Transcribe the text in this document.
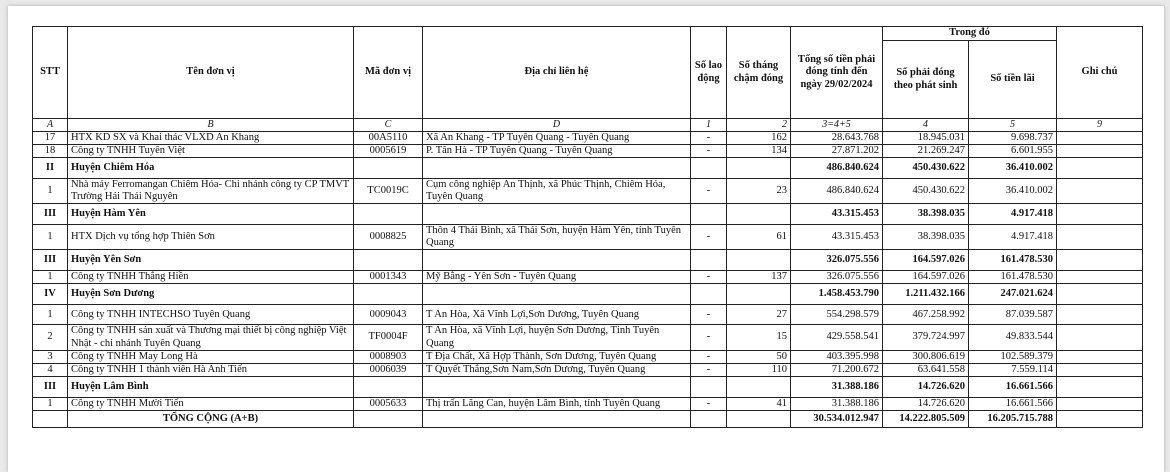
STT	Tên đơn vị	Mã đơn vị	Địa chỉ liên hệ	Số lao động	Số tháng chậm đóng	Tổng số tiền phải đóng tính đến ngày 29/02/2024	Trong đó		Ghi chú
							Số phải đóng theo phát sinh	Số tiền lãi	
A	B	C	D	1	2	3=4+5	4	5	9
17	HTX KD SX và Khai thác VLXD An Khang	00A5110	Xã An Khang - TP Tuyên Quang - Tuyên Quang	-	162	28.643.768	18.945.031	9.698.737	
18	Công ty TNHH Tuyên Việt	0005619	P. Tân Hà - TP Tuyên Quang - Tuyên Quang	-	134	27.871.202	21.269.247	6.601.955	
II	Huyện Chiêm Hóa					486.840.624	450.430.622	36.410.002	
1	Nhà máy Ferromangan Chiêm Hóa- Chi nhánh công ty CP TMVT Trường Hải Thái Nguyên	TC0019C	Cụm công nghiệp An Thịnh, xã Phúc Thịnh, Chiêm Hóa, Tuyên Quang	-	23	486.840.624	450.430.622	36.410.002	
III	Huyện Hàm Yên					43.315.453	38.398.035	4.917.418	
1	HTX Dịch vụ tổng hợp Thiên Sơn	0008825	Thôn 4 Thái Bình, xã Thái Sơn, huyện Hàm Yên, tỉnh Tuyên Quang	-	61	43.315.453	38.398.035	4.917.418	
III	Huyện Yên Sơn					326.075.556	164.597.026	161.478.530	
1	Công ty TNHH Thắng Hiền	0001343	Mỹ Bằng - Yên Sơn - Tuyên Quang	-	137	326.075.556	164.597.026	161.478.530	
IV	Huyện Sơn Dương					1.458.453.790	1.211.432.166	247.021.624	
1	Công ty TNHH INTECHSO Tuyên Quang	0009043	T An Hòa, Xã Vĩnh Lợi,Sơn Dương, Tuyên Quang	-	27	554.298.579	467.258.992	87.039.587	
2	Công ty TNHH sản xuất và Thương mại thiết bị công nghiệp Việt Nhật - chi nhánh Tuyên Quang	TF0004F	T An Hòa, xã Vĩnh Lợi, huyện Sơn Dương, Tỉnh Tuyên Quang	-	15	429.558.541	379.724.997	49.833.544	
3	Công ty TNHH May Long Hà	0008903	T Địa Chất, Xã Hợp Thành, Sơn Dương, Tuyên Quang	-	50	403.395.998	300.806.619	102.589.379	
4	Công ty TNHH 1 thành viên Hà Anh Tiến	0006039	T Quyết Thắng,Sơn Nam,Sơn Dương, Tuyên Quang	-	110	71.200.672	63.641.558	7.559.114	
III	Huyện Lâm Bình					31.388.186	14.726.620	16.661.566	
1	Công ty TNHH Mười Tiến	0005633	Thị trấn Lăng Can, huyện Lâm Bình, tỉnh Tuyên Quang	-	41	31.388.186	14.726.620	16.661.566	
	TỔNG CỘNG (A+B)					30.534.012.947	14.222.805.509	16.205.715.788	
